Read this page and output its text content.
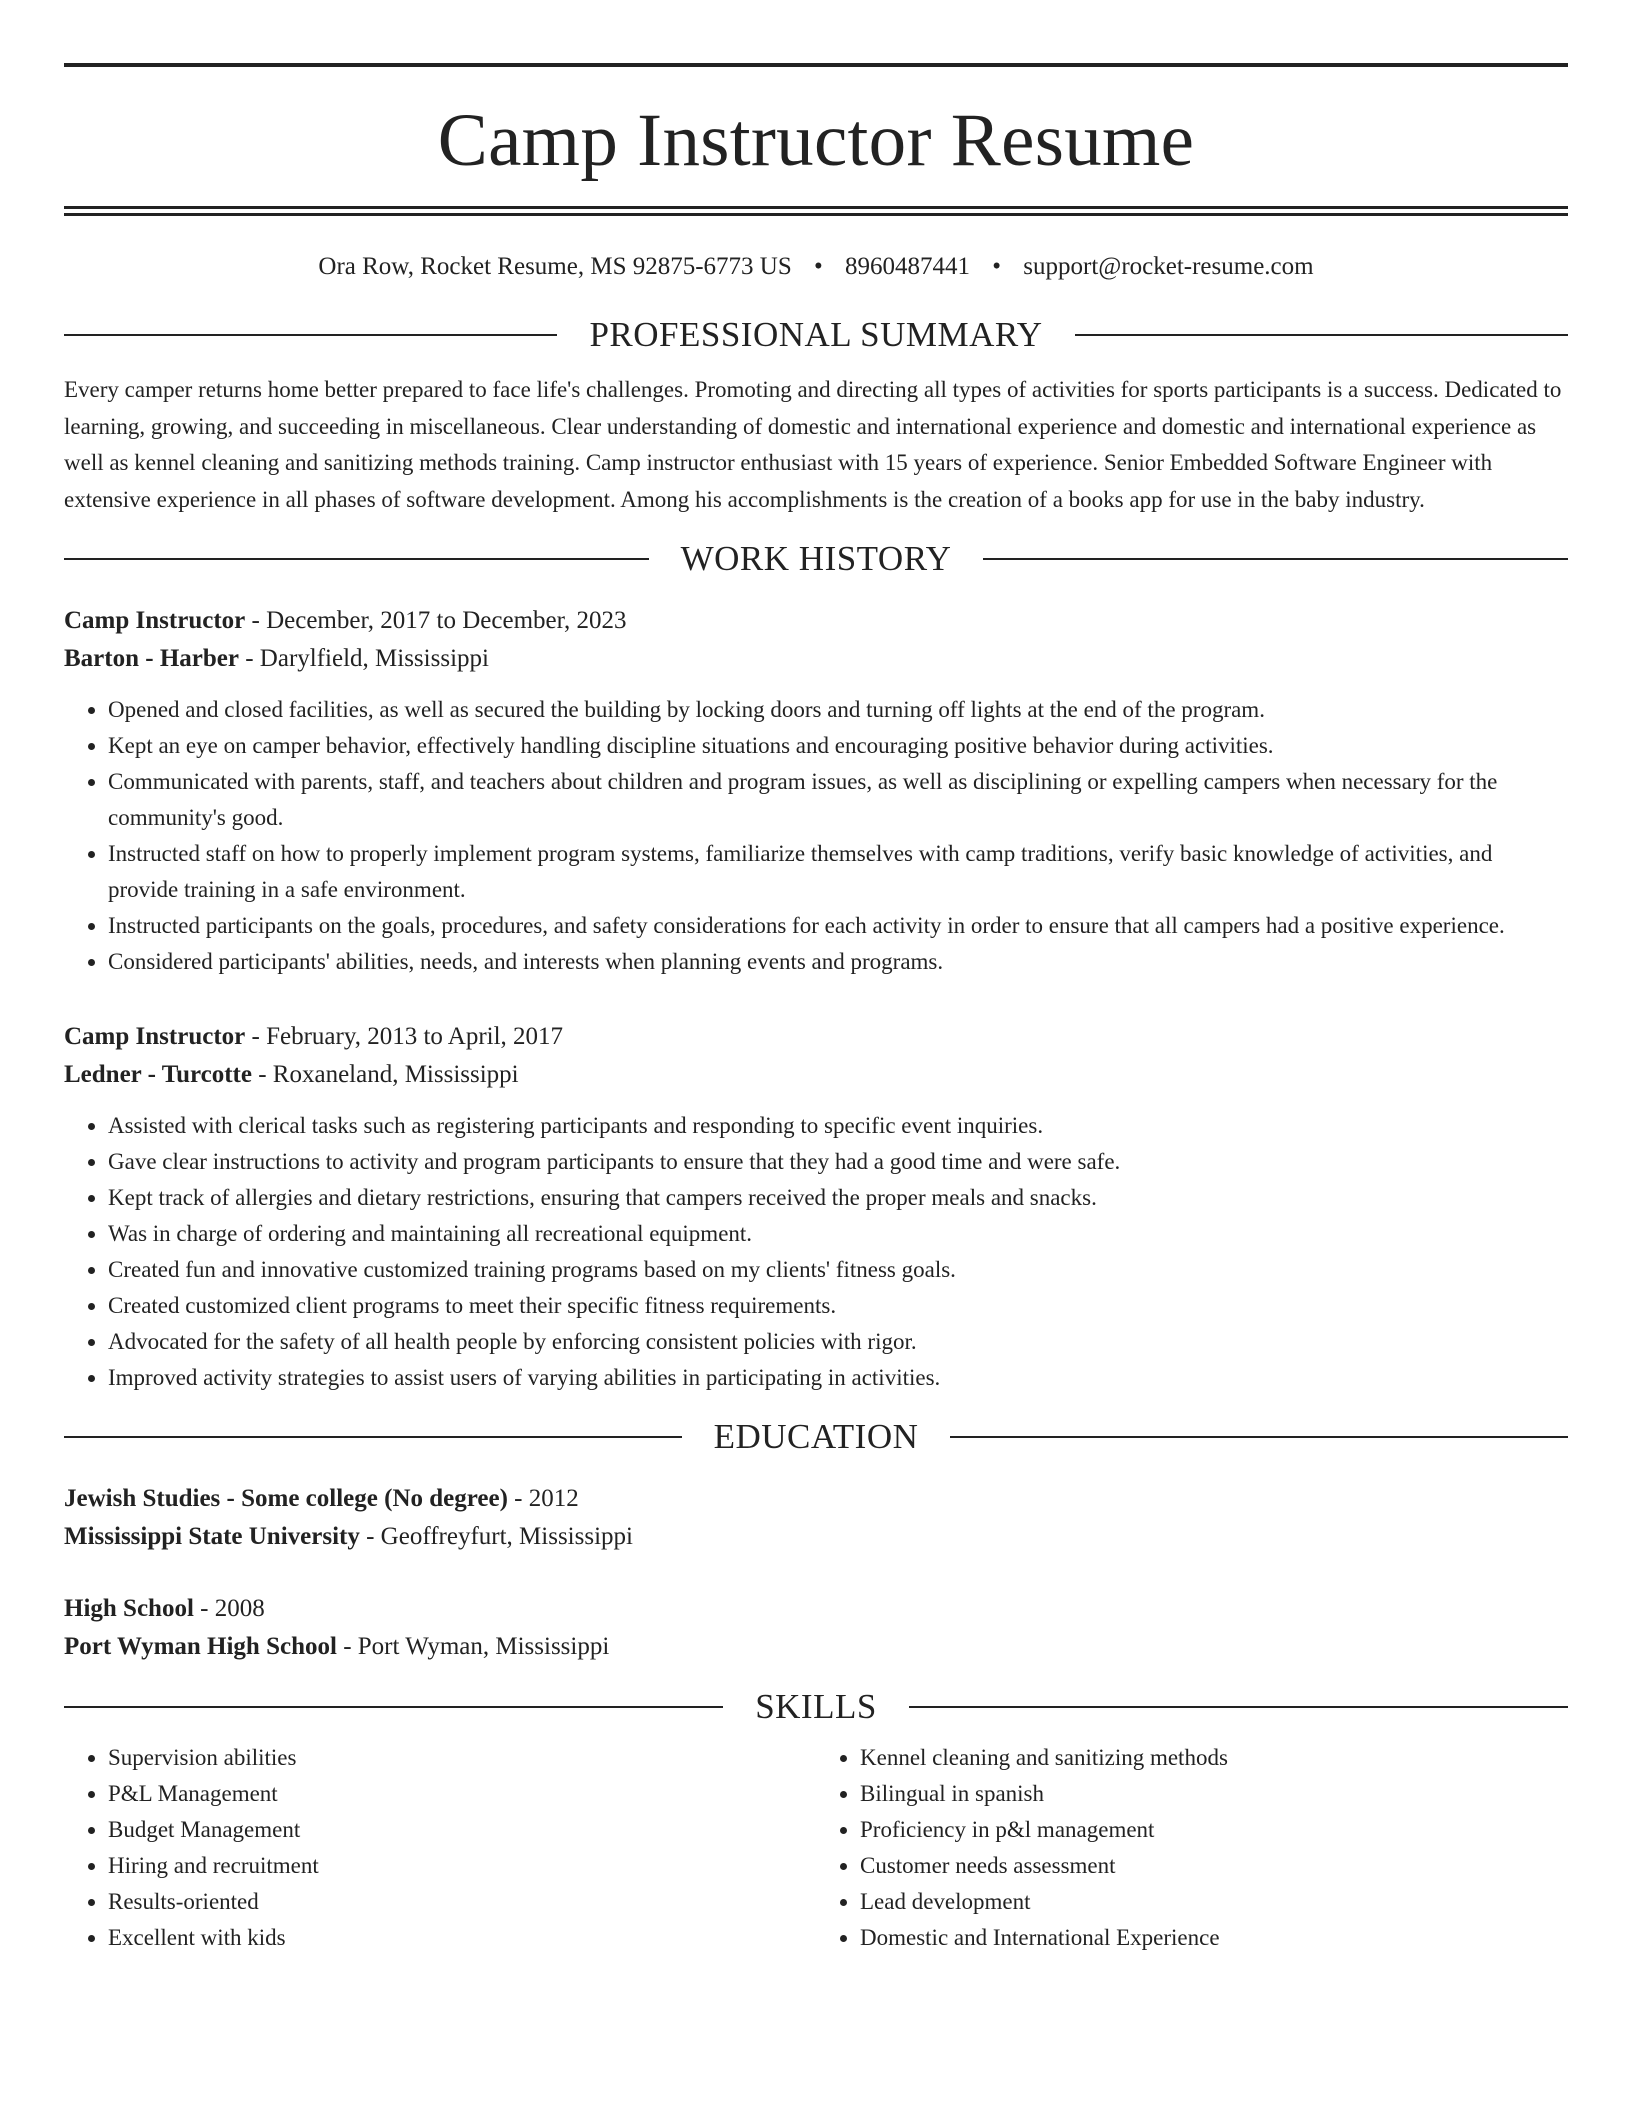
Camp Instructor Resume
Ora Row, Rocket Resume, MS 92875-6773 US • 8960487441 • support@rocket-resume.com
PROFESSIONAL SUMMARY

Every camper returns home better prepared to face life's challenges. Promoting and directing all types of activities for sports participants is a success. Dedicated to learning, growing, and succeeding in miscellaneous. Clear understanding of domestic and international experience and domestic and international experience as well as kennel cleaning and sanitizing methods training. Camp instructor enthusiast with 15 years of experience. Senior Embedded Software Engineer with extensive experience in all phases of software development. Among his accomplishments is the creation of a books app for use in the baby industry.

WORK HISTORY
Camp Instructor - December, 2017 to December, 2023
Barton - Harber - Darylfield, Mississippi
• Opened and closed facilities, as well as secured the building by locking doors and turning off lights at the end of the program.
• Kept an eye on camper behavior, effectively handling discipline situations and encouraging positive behavior during activities.
• Communicated with parents, staff, and teachers about children and program issues, as well as disciplining or expelling campers when necessary for the community's good.
• Instructed staff on how to properly implement program systems, familiarize themselves with camp traditions, verify basic knowledge of activities, and provide training in a safe environment.
• Instructed participants on the goals, procedures, and safety considerations for each activity in order to ensure that all campers had a positive experience.
• Considered participants' abilities, needs, and interests when planning events and programs.
Camp Instructor - February, 2013 to April, 2017
Ledner - Turcotte - Roxaneland, Mississippi
• Assisted with clerical tasks such as registering participants and responding to specific event inquiries.
• Gave clear instructions to activity and program participants to ensure that they had a good time and were safe.
• Kept track of allergies and dietary restrictions, ensuring that campers received the proper meals and snacks.
• Was in charge of ordering and maintaining all recreational equipment.
• Created fun and innovative customized training programs based on my clients' fitness goals.
• Created customized client programs to meet their specific fitness requirements.
• Advocated for the safety of all health people by enforcing consistent policies with rigor.
• Improved activity strategies to assist users of varying abilities in participating in activities.
EDUCATION
Jewish Studies - Some college (No degree) - 2012
Mississippi State University - Geoffreyfurt, Mississippi
High School - 2008
Port Wyman High School - Port Wyman, Mississippi
SKILLS
• Supervision abilities
• P&L Management
• Budget Management
• Hiring and recruitment
• Results-oriented
• Excellent with kids
• Kennel cleaning and sanitizing methods
• Bilingual in spanish
• Proficiency in p&l management
• Customer needs assessment
• Lead development
• Domestic and International Experience
